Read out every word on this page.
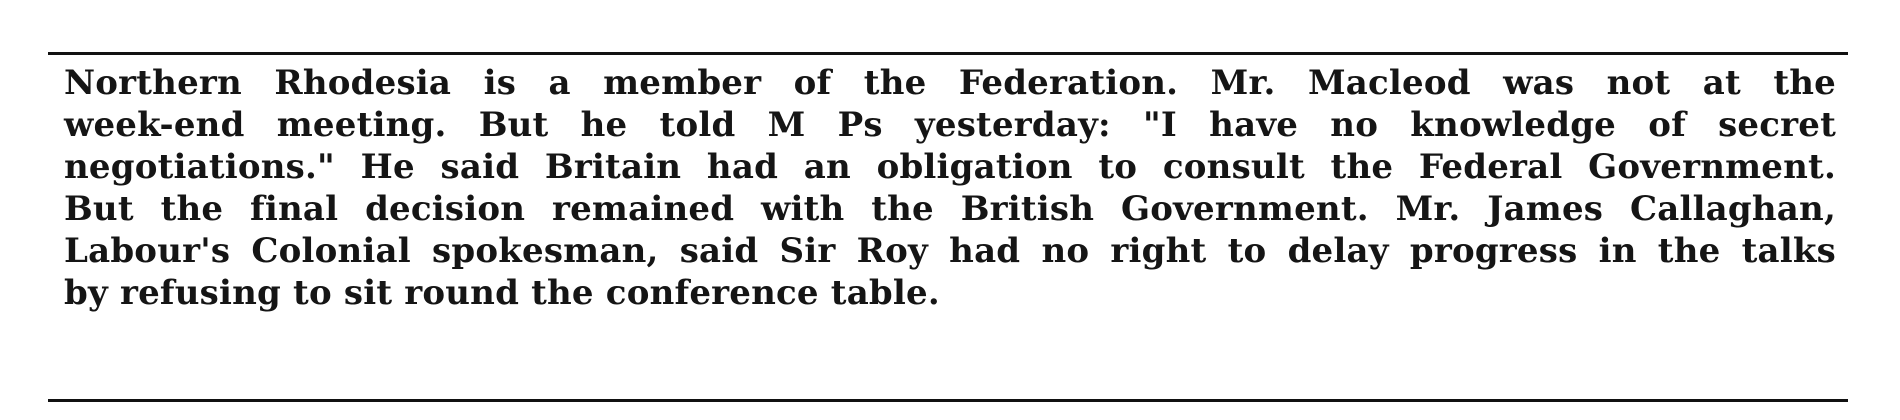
Northern Rhodesia is a member of the Federation. Mr. Macleod was not at the
week-end meeting. But he told M Ps yesterday: "I have no knowledge of secret
negotiations." He said Britain had an obligation to consult the Federal Government.
But the final decision remained with the British Government. Mr. James Callaghan,
Labour's Colonial spokesman, said Sir Roy had no right to delay progress in the talks
by refusing to sit round the conference table.
